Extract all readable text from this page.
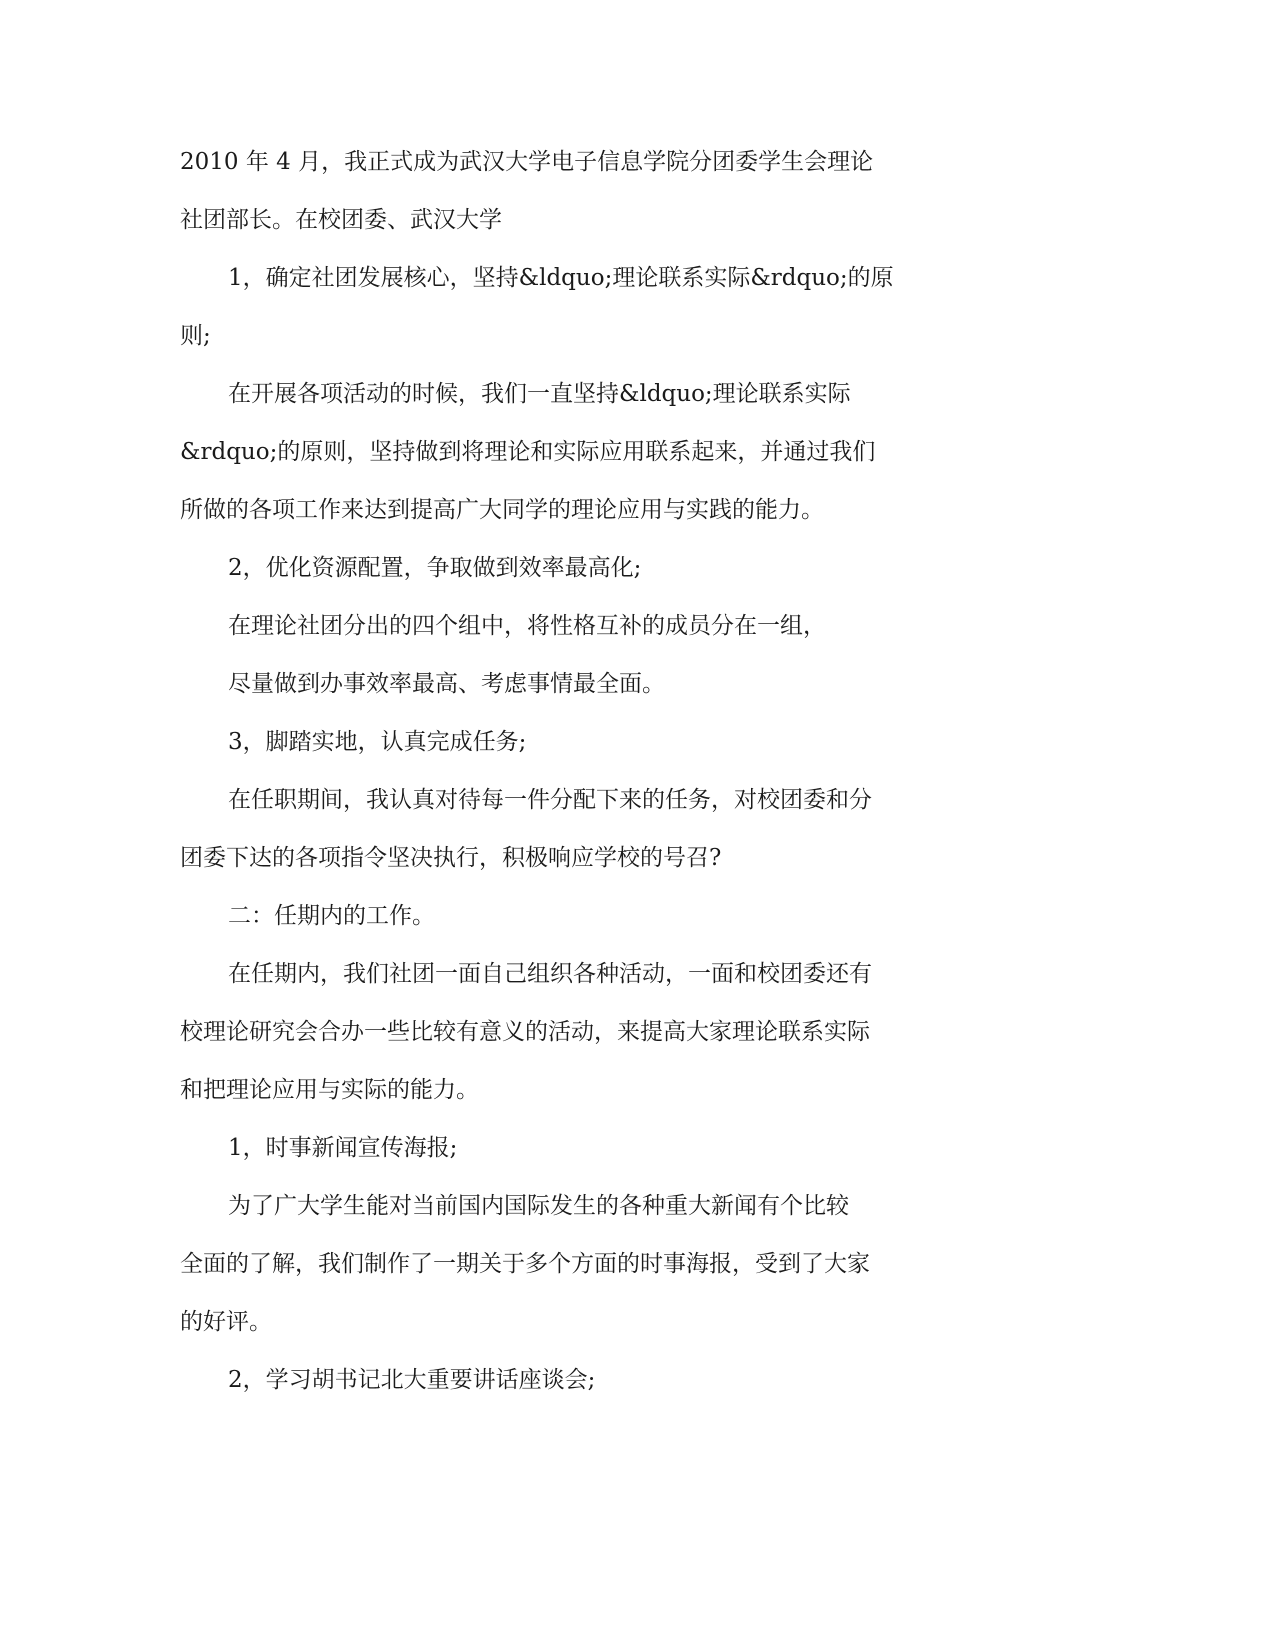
2010 年 4 月，我正式成为武汉大学电子信息学院分团委学生会理论
社团部长。在校团委、武汉大学
1，确定社团发展核心，坚持&ldquo;理论联系实际&rdquo;的原
则;
在开展各项活动的时候，我们一直坚持&ldquo;理论联系实际
&rdquo;的原则，坚持做到将理论和实际应用联系起来，并通过我们
所做的各项工作来达到提高广大同学的理论应用与实践的能力。
2，优化资源配置，争取做到效率最高化;
在理论社团分出的四个组中，将性格互补的成员分在一组，
尽量做到办事效率最高、考虑事情最全面。
3，脚踏实地，认真完成任务;
在任职期间，我认真对待每一件分配下来的任务，对校团委和分
团委下达的各项指令坚决执行，积极响应学校的号召?
二：任期内的工作。
在任期内，我们社团一面自己组织各种活动，一面和校团委还有
校理论研究会合办一些比较有意义的活动，来提高大家理论联系实际
和把理论应用与实际的能力。
1，时事新闻宣传海报;
为了广大学生能对当前国内国际发生的各种重大新闻有个比较
全面的了解，我们制作了一期关于多个方面的时事海报，受到了大家
的好评。
2，学习胡书记北大重要讲话座谈会;
